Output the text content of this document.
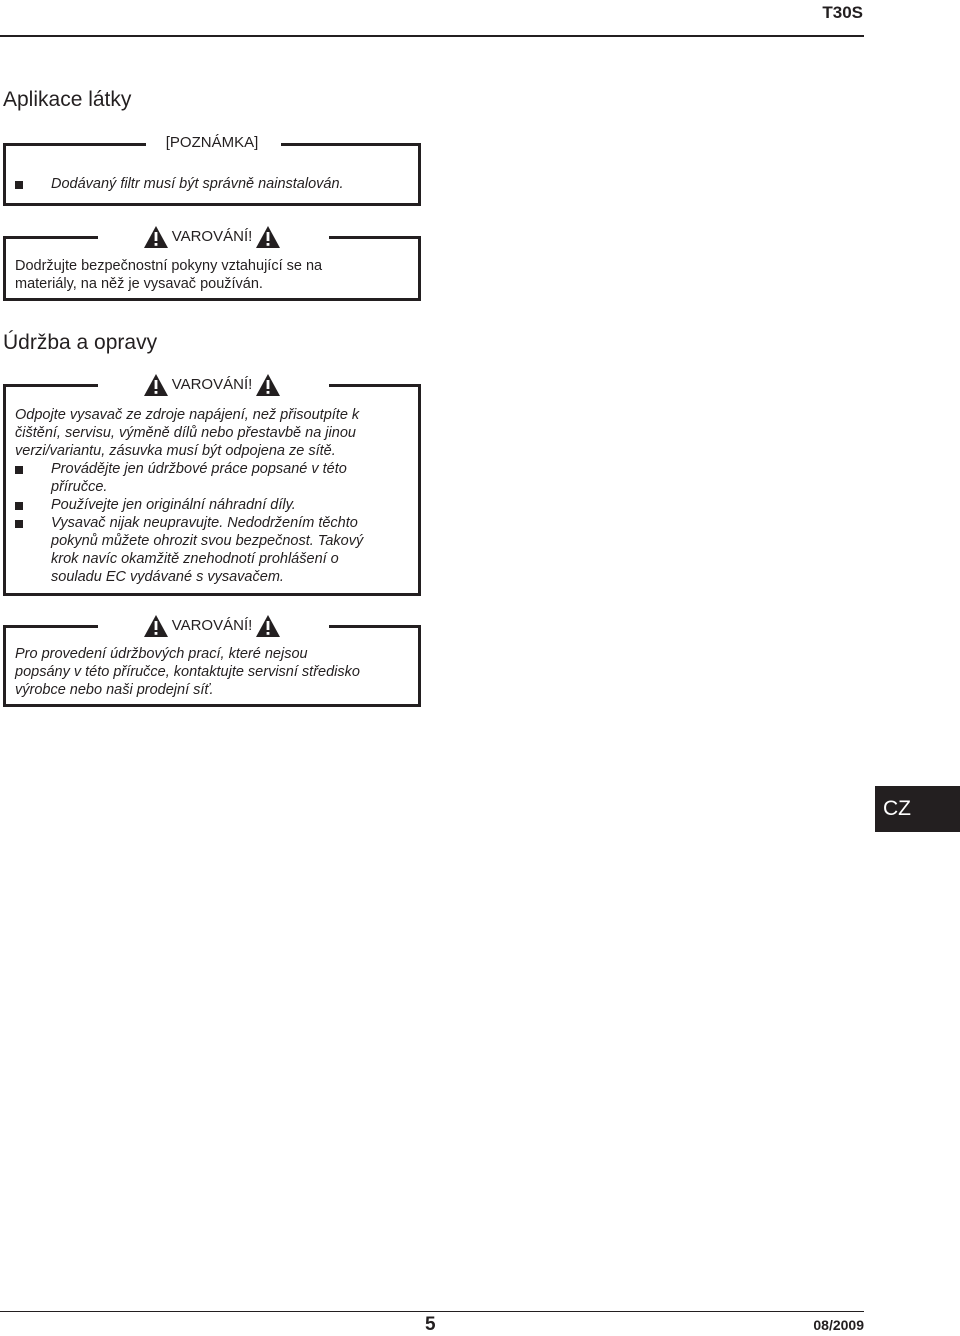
T30S
Aplikace látky
[POZNÁMKA]
Dodávaný filtr musí být správně nainstalován.
VAROVÁNÍ!
Dodržujte bezpečnostní pokyny vztahující se na
materiály, na něž je vysavač používán.
Údržba a opravy
VAROVÁNÍ!
Odpojte vysavač ze zdroje napájení, než přisoutpíte k
čištění, servisu, výměně dílů nebo přestavbě na jinou
verzi/variantu, zásuvka musí být odpojena ze sítě.
Provádějte jen údržbové práce popsané v této
příručce.
Používejte jen originální náhradní díly.
Vysavač nijak neupravujte. Nedodržením těchto
pokynů můžete ohrozit svou bezpečnost. Takový
krok navíc okamžitě znehodnotí prohlášení o
souladu EC vydávané s vysavačem.
VAROVÁNÍ!
Pro provedení údržbových prací, které nejsou
popsány v této příručce, kontaktujte servisní středisko
výrobce nebo naši prodejní síť.
CZ
5	08/2009
